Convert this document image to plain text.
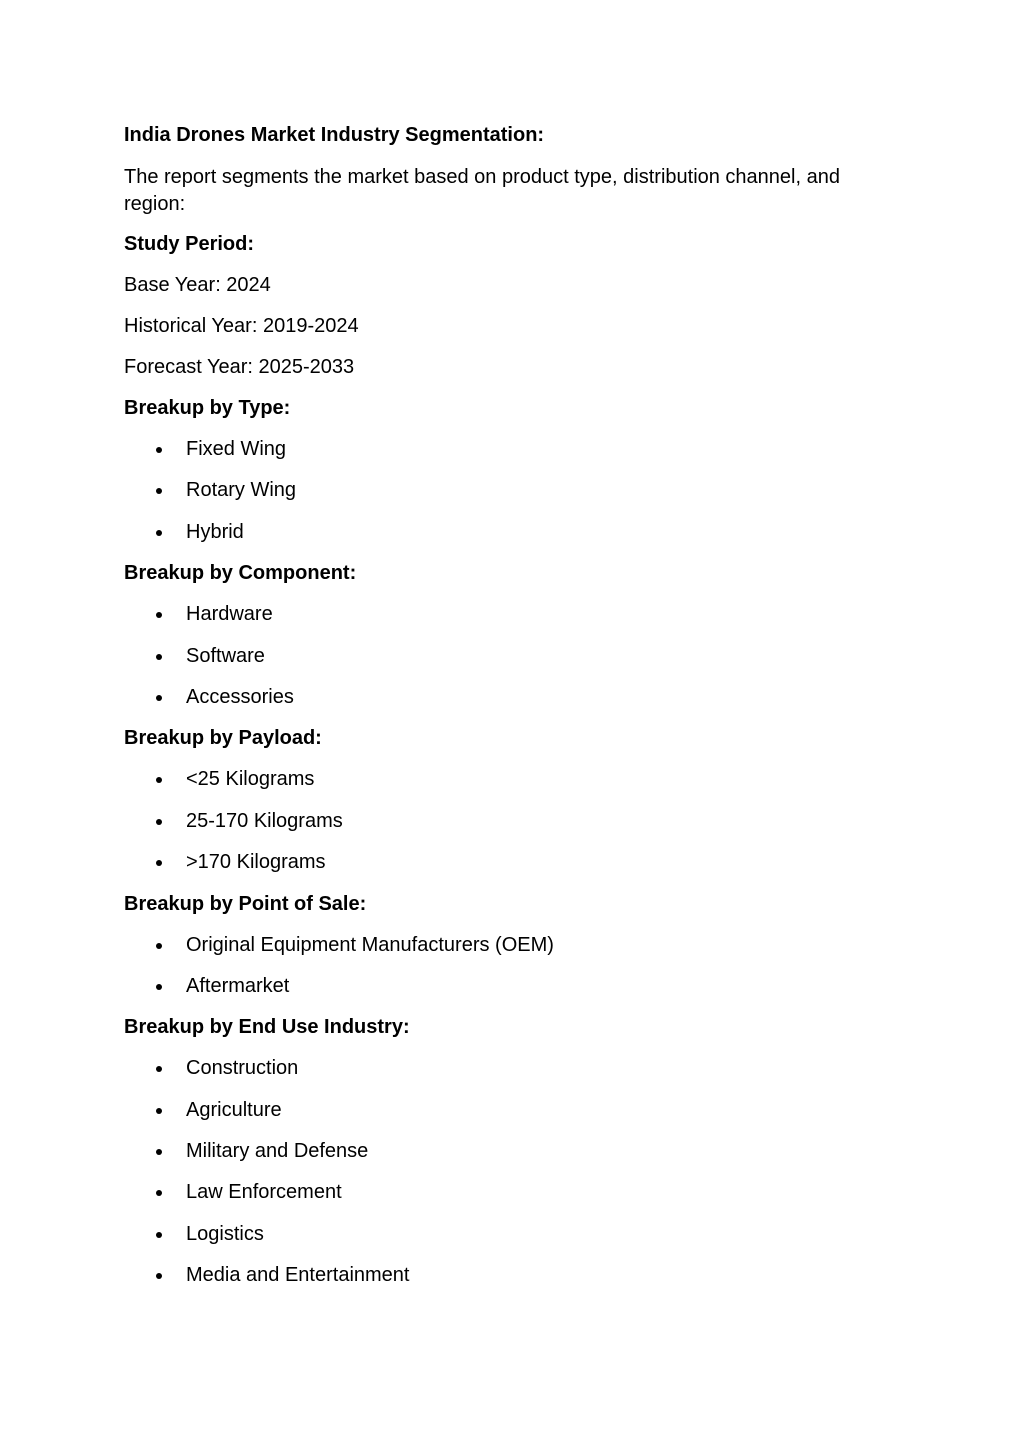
India Drones Market Industry Segmentation:
The report segments the market based on product type, distribution channel, and region:
Study Period:
Base Year: 2024
Historical Year: 2019-2024
Forecast Year: 2025-2033
Breakup by Type:
Fixed Wing
Rotary Wing
Hybrid
Breakup by Component:
Hardware
Software
Accessories
Breakup by Payload:
<25 Kilograms
25-170 Kilograms
>170 Kilograms
Breakup by Point of Sale:
Original Equipment Manufacturers (OEM)
Aftermarket
Breakup by End Use Industry:
Construction
Agriculture
Military and Defense
Law Enforcement
Logistics
Media and Entertainment
